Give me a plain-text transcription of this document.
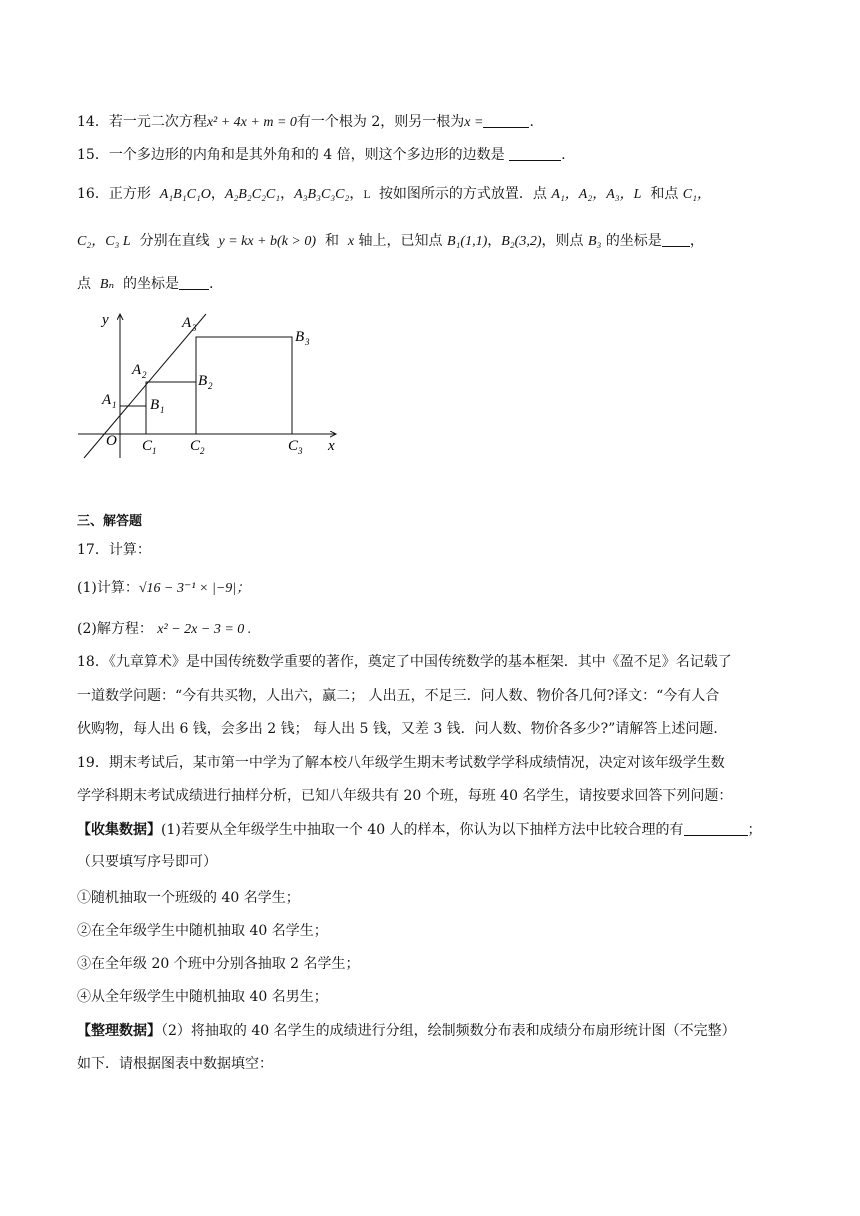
14．若一元二次方程x² + 4x + m = 0有一个根为 2，则另一根为x =	.
15．一个多边形的内角和是其外角和的 4 倍，则这个多边形的边数是	.
16．正方形 A₁B₁C₁O，A₂B₂C₂C₁，A₃B₃C₃C₂，L 按如图所示的方式放置．点 A₁，A₂，A₃，L 和点 C₁，
C₂，C₃ L 分别在直线 y = kx + b(k > 0) 和 x 轴上，已知点 B₁(1,1)，B₂(3,2)，则点 B₃ 的坐标是 ，
点 Bₙ 的坐标是 .
y
x
O
A 1
A 2
A 3
B 1
B 2
B 3
C 1 C 2	C 3
三、解答题
17．计算：
(1)计算：√16 − 3⁻¹ × |−9|；
(2)解方程： x² − 2x − 3 = 0 .
18．《九章算术》是中国传统数学重要的著作，奠定了中国传统数学的基本框架．其中《盈不足》名记载了
一道数学问题：“今有共买物，人出六，赢二； 人出五，不足三．问人数、物价各几何?译文：“今有人合
伙购物，每人出 6 钱，会多出 2 钱； 每人出 5 钱，又差 3 钱．问人数、物价各多少?”请解答上述问题．
19．期末考试后，某市第一中学为了解本校八年级学生期末考试数学学科成绩情况，决定对该年级学生数
学学科期末考试成绩进行抽样分析，已知八年级共有 20 个班，每班 40 名学生，请按要求回答下列问题：
【收集数据】(1)若要从全年级学生中抽取一个 40 人的样本，你认为以下抽样方法中比较合理的有	；
（只要填写序号即可）
①随机抽取一个班级的 40 名学生；
②在全年级学生中随机抽取 40 名学生；
③在全年级 20 个班中分别各抽取 2 名学生；
④从全年级学生中随机抽取 40 名男生；
【整理数据】（2）将抽取的 40 名学生的成绩进行分组，绘制频数分布表和成绩分布扇形统计图（不完整）
如下．请根据图表中数据填空：
